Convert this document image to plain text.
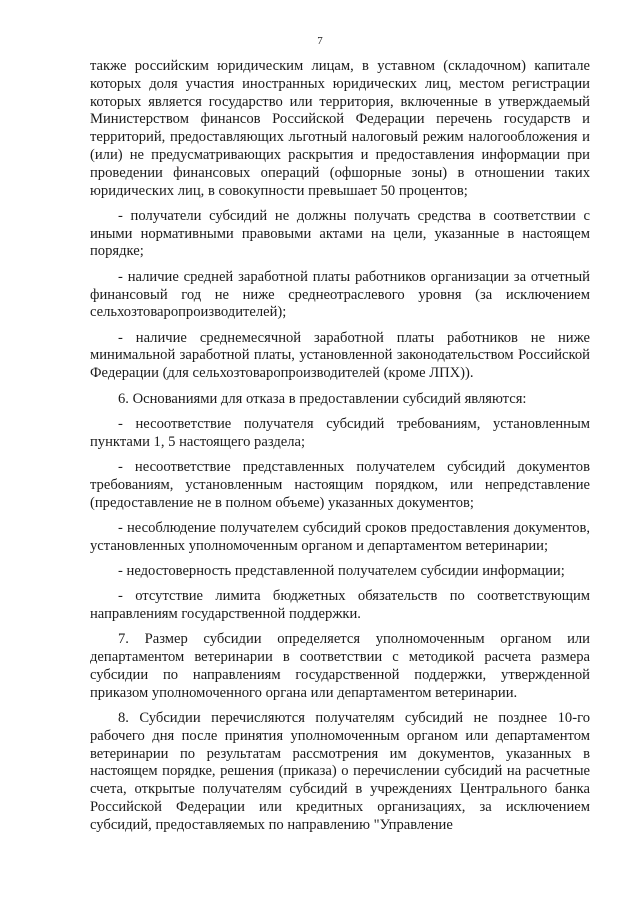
7

также российским юридическим лицам, в уставном (складочном) капитале которых доля участия иностранных юридических лиц, местом регистрации которых является государство или территория, включенные в утверждаемый Министерством финансов Российской Федерации перечень государств и территорий, предоставляющих льготный налоговый режим налогообложения и (или) не предусматривающих раскрытия и предоставления информации при проведении финансовых операций (офшорные зоны) в отношении таких юридических лиц, в совокупности превышает 50 процентов;

- получатели субсидий не должны получать средства в соответствии с иными нормативными правовыми актами на цели, указанные в настоящем порядке;

- наличие средней заработной платы работников организации за отчетный финансовый год не ниже среднеотраслевого уровня (за исключением сельхозтоваропроизводителей);

- наличие среднемесячной заработной платы работников не ниже минимальной заработной платы, установленной законодательством Российской Федерации (для сельхозтоваропроизводителей (кроме ЛПХ)).

6. Основаниями для отказа в предоставлении субсидий являются:

- несоответствие получателя субсидий требованиям, установленным пунктами 1, 5 настоящего раздела;

- несоответствие представленных получателем субсидий документов требованиям, установленным настоящим порядком, или непредставление (предоставление не в полном объеме) указанных документов;

- несоблюдение получателем субсидий сроков предоставления документов, установленных уполномоченным органом и департаментом ветеринарии;

- недостоверность представленной получателем субсидии информации;

- отсутствие лимита бюджетных обязательств по соответствующим направлениям государственной поддержки.

7. Размер субсидии определяется уполномоченным органом или департаментом ветеринарии в соответствии с методикой расчета размера субсидии по направлениям государственной поддержки, утвержденной приказом уполномоченного органа или департаментом ветеринарии.

8. Субсидии перечисляются получателям субсидий не позднее 10-го рабочего дня после принятия уполномоченным органом или департаментом ветеринарии по результатам рассмотрения им документов, указанных в настоящем порядке, решения (приказа) о перечислении субсидий на расчетные счета, открытые получателям субсидий в учреждениях Центрального банка Российской Федерации или кредитных организациях, за исключением субсидий, предоставляемых по направлению "Управление
